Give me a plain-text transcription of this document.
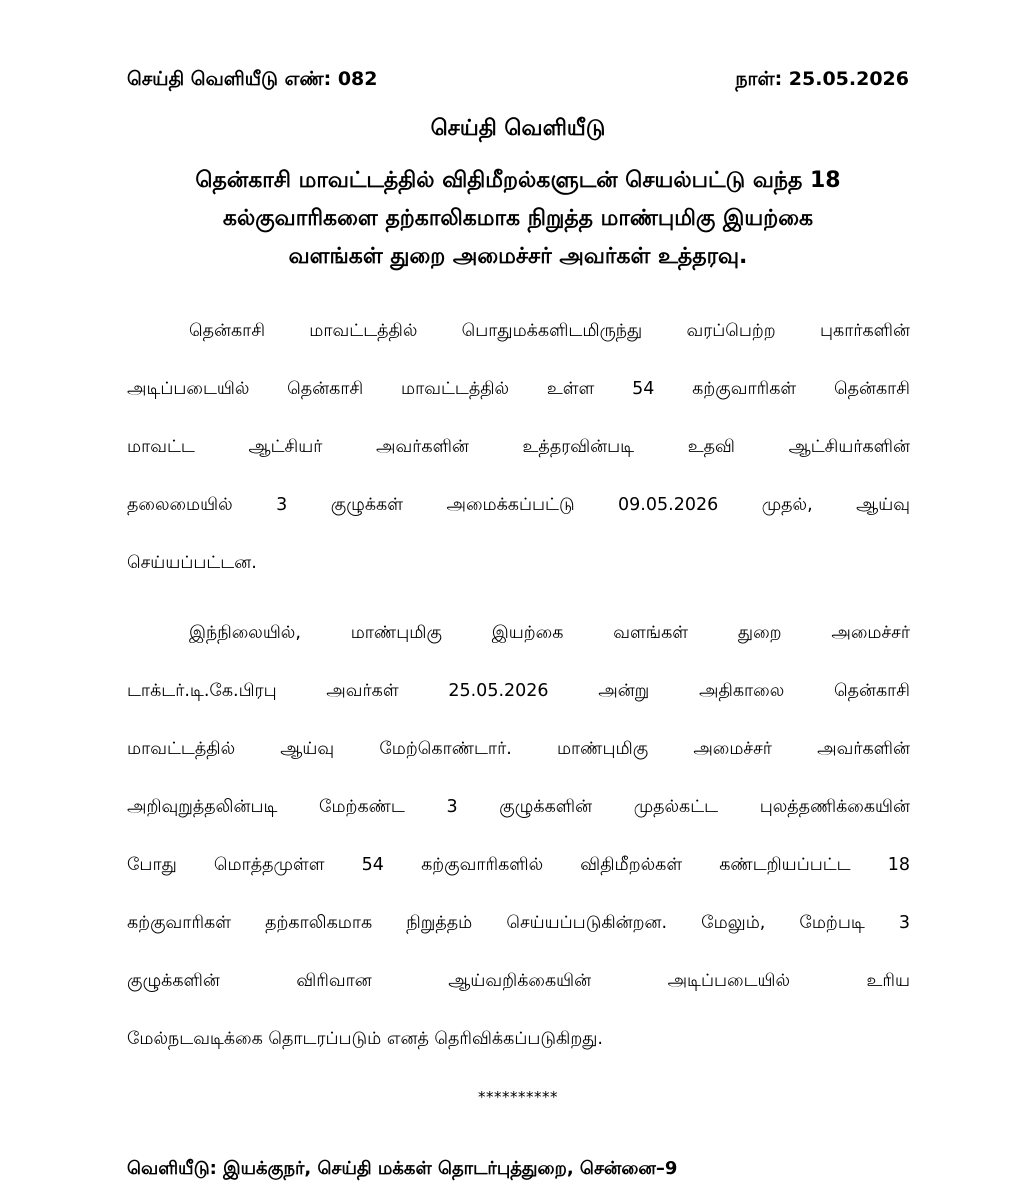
செய்தி வெளியீடு எண்: 082	நாள்: 25.05.2026
செய்தி வெளியீடு
தென்காசி மாவட்டத்தில் விதிமீறல்களுடன் செயல்பட்டு வந்த 18
கல்குவாரிகளை தற்காலிகமாக நிறுத்த மாண்புமிகு இயற்கை
வளங்கள் துறை அமைச்சர் அவர்கள் உத்தரவு.
தென்காசி மாவட்டத்தில் பொதுமக்களிடமிருந்து வரப்பெற்ற புகார்களின்
அடிப்படையில் தென்காசி மாவட்டத்தில் உள்ள 54 கற்குவாரிகள் தென்காசி
மாவட்ட ஆட்சியர் அவர்களின் உத்தரவின்படி உதவி ஆட்சியர்களின்
தலைமையில் 3 குழுக்கள் அமைக்கப்பட்டு 09.05.2026 முதல், ஆய்வு
செய்யப்பட்டன.
இந்நிலையில், மாண்புமிகு இயற்கை வளங்கள் துறை அமைச்சர்
டாக்டர்.டி.கே.பிரபு அவர்கள் 25.05.2026 அன்று அதிகாலை தென்காசி
மாவட்டத்தில் ஆய்வு மேற்கொண்டார். மாண்புமிகு அமைச்சர் அவர்களின்
அறிவுறுத்தலின்படி மேற்கண்ட 3 குழுக்களின் முதல்கட்ட புலத்தணிக்கையின்
போது மொத்தமுள்ள 54 கற்குவாரிகளில் விதிமீறல்கள் கண்டறியப்பட்ட 18
கற்குவாரிகள் தற்காலிகமாக நிறுத்தம் செய்யப்படுகின்றன. மேலும், மேற்படி 3
குழுக்களின் விரிவான ஆய்வறிக்கையின் அடிப்படையில் உரிய
மேல்நடவடிக்கை தொடரப்படும் எனத் தெரிவிக்கப்படுகிறது.
**********
வெளியீடு: இயக்குநர், செய்தி மக்கள் தொடர்புத்துறை, சென்னை–9
